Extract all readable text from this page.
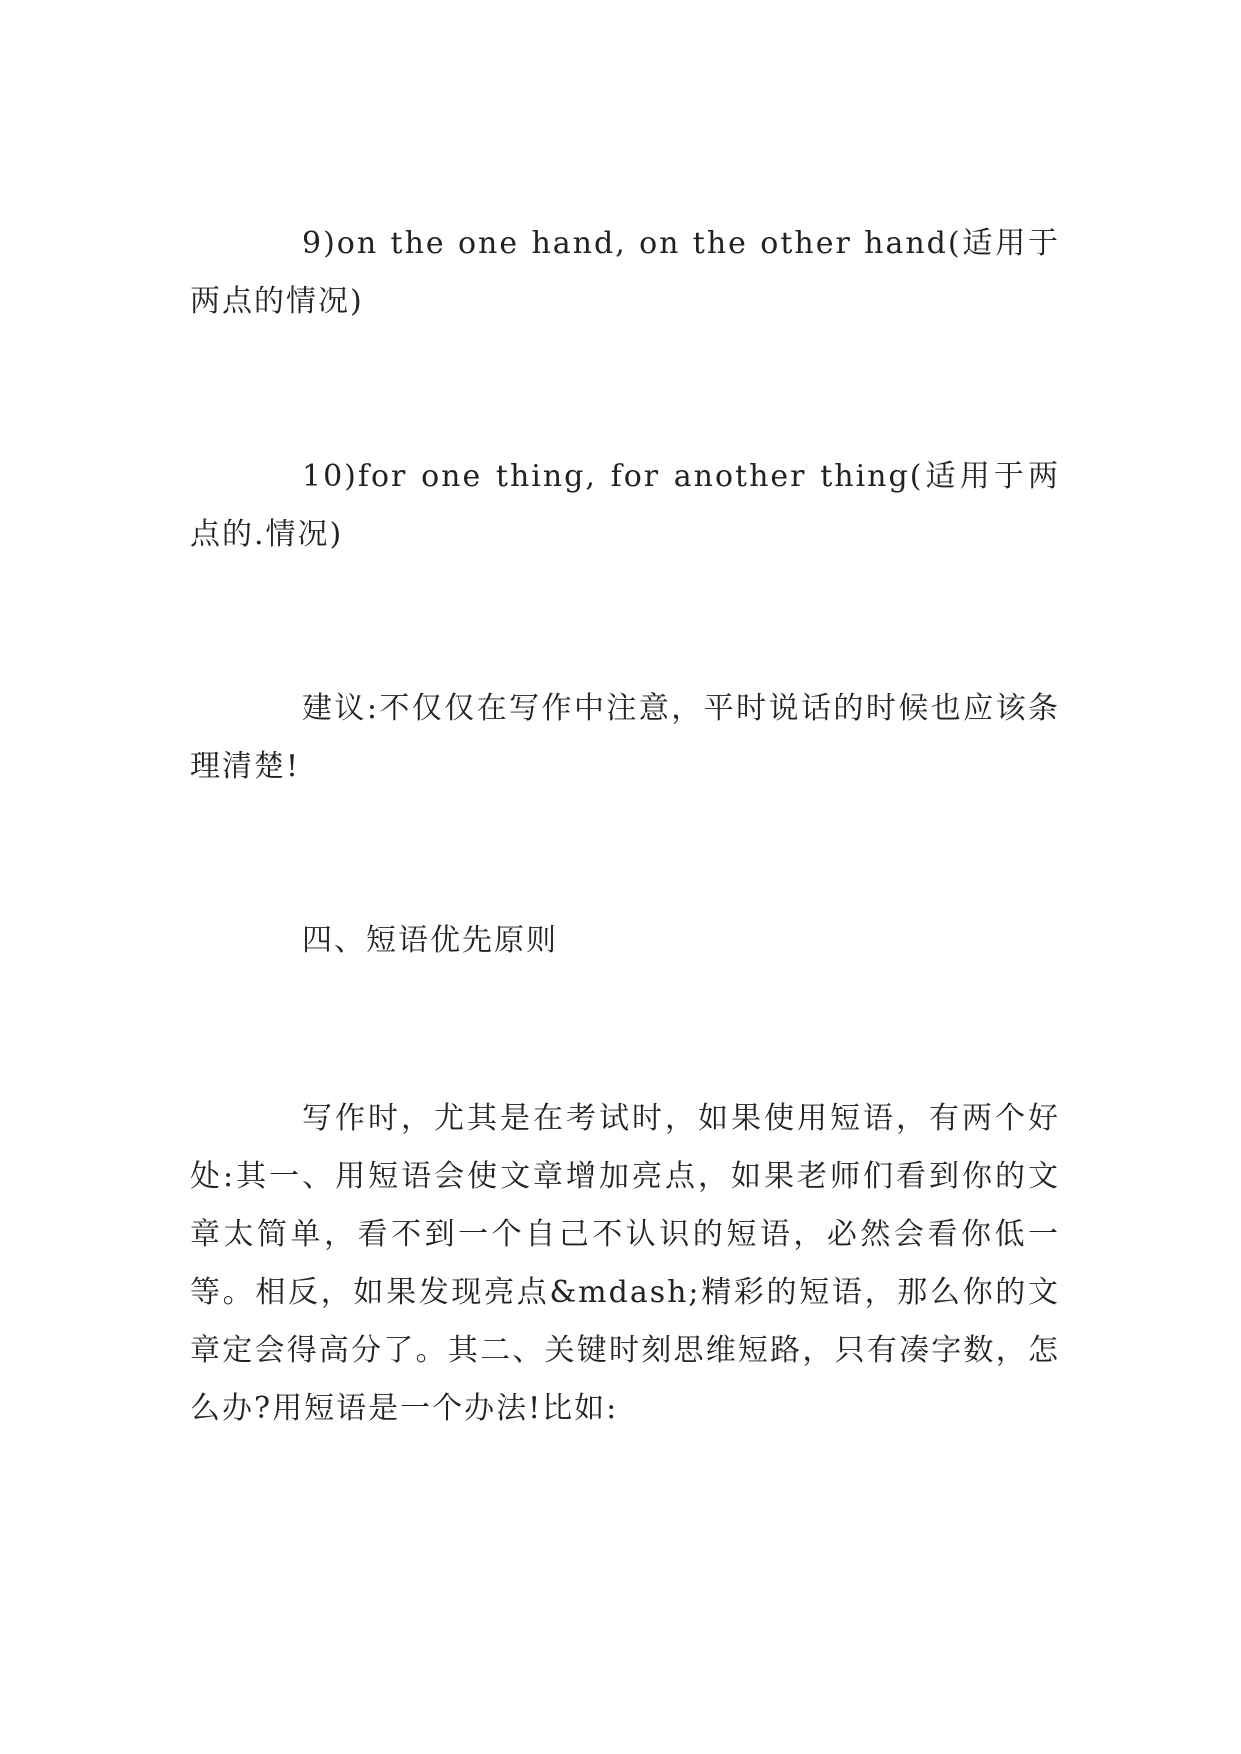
9)on the one hand, on the other hand(适用于两点的情况)

10)for one thing, for another thing(适用于两点的.情况)

建议:不仅仅在写作中注意，平时说话的时候也应该条理清楚!

四、短语优先原则

写作时，尤其是在考试时，如果使用短语，有两个好处:其一、用短语会使文章增加亮点，如果老师们看到你的文章太简单，看不到一个自己不认识的短语，必然会看你低一等。相反，如果发现亮点&mdash;精彩的短语，那么你的文章定会得高分了。其二、关键时刻思维短路，只有凑字数，怎么办?用短语是一个办法!比如:
